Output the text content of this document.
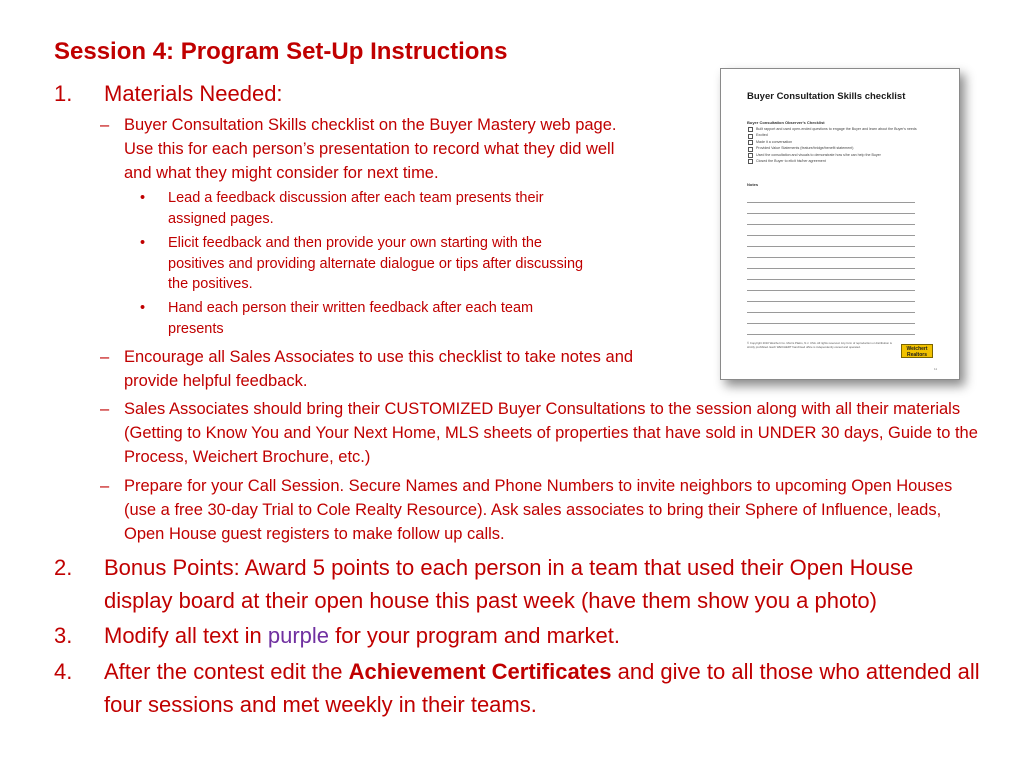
Session 4: Program Set-Up Instructions
1. Materials Needed:
– Buyer Consultation Skills checklist on the Buyer Mastery web page. Use this for each person’s presentation to record what they did well and what they might consider for next time.
• Lead a feedback discussion after each team presents their assigned pages.
• Elicit feedback and then provide your own starting with the positives and providing alternate dialogue or tips after discussing the positives.
• Hand each person their written feedback after each team presents
– Encourage all Sales Associates to use this checklist to take notes and provide helpful feedback.
– Sales Associates should bring their CUSTOMIZED Buyer Consultations to the session along with all their materials (Getting to Know You and Your Next Home, MLS sheets of properties that have sold in UNDER 30 days, Guide to the Process, Weichert Brochure, etc.)
– Prepare for your Call Session. Secure Names and Phone Numbers to invite neighbors to upcoming Open Houses (use a free 30-day Trial to Cole Realty Resource). Ask sales associates to bring their Sphere of Influence, leads, Open House guest registers to make follow up calls.
2. Bonus Points: Award 5 points to each person in a team that used their Open House display board at their open house this past week (have them show you a photo)
3. Modify all text in purple for your program and market.
4. After the contest edit the Achievement Certificates and give to all those who attended all four sessions and met weekly in their teams.
Buyer Consultation Skills checklist
Buyer Consultation Observer's Checklist
Built rapport and used open-ended questions to engage the Buyer and learn about the Buyer's needs
Excited
Made it a conversation
Provided Value Statements (feature/bridge/benefit statement)
Used the consultation and visuals to demonstrate how s/he can help the Buyer
Closed the Buyer to elicit his/her agreement
Notes
© Copyright 2010 Weichert Co. Morris Plains, N.J. USA. All rights reserved. Any form of reproduction or distribution is strictly prohibited. Each WEICHERT franchised office is independently owned and operated.	Weichert
Realtors
11
